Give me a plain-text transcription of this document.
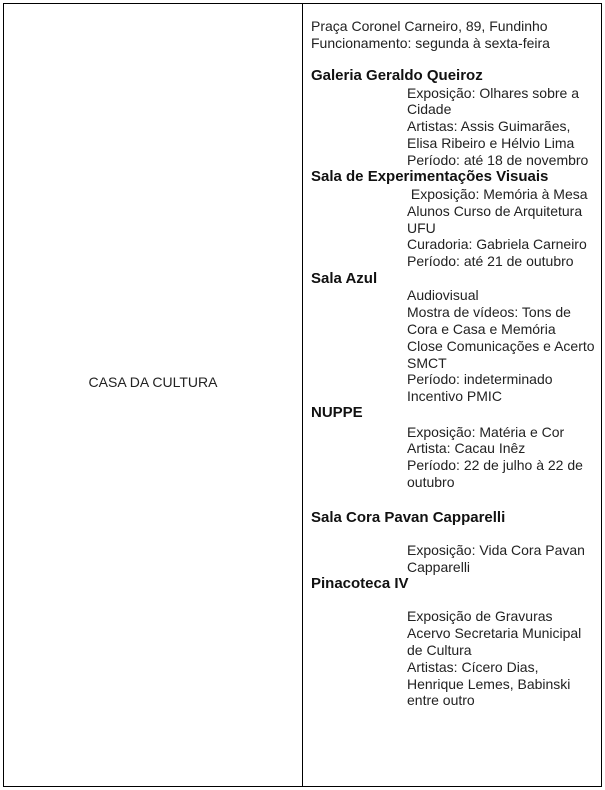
CASA DA CULTURA
Praça Coronel Carneiro, 89, Fundinho
Funcionamento: segunda à sexta-feira
Galeria Geraldo Queiroz
Exposição: Olhares sobre a Cidade
Artistas: Assis Guimarães, Elisa Ribeiro e Hélvio Lima
Período: até 18 de novembro
Sala de Experimentações Visuais
Exposição: Memória à Mesa
Alunos Curso de Arquitetura UFU
Curadoria: Gabriela Carneiro
Período: até 21 de outubro
Sala Azul
Audiovisual
Mostra de vídeos: Tons de Cora e Casa e Memória
Close Comunicações e Acerto SMCT
Período: indeterminado
Incentivo PMIC
NUPPE
Exposição: Matéria e Cor
Artista: Cacau Inêz
Período: 22 de julho à 22 de outubro
Sala Cora Pavan Capparelli
Exposição: Vida Cora Pavan Capparelli
Pinacoteca IV
Exposição de Gravuras
Acervo Secretaria Municipal de Cultura
Artistas: Cícero Dias, Henrique Lemes, Babinski entre outro
